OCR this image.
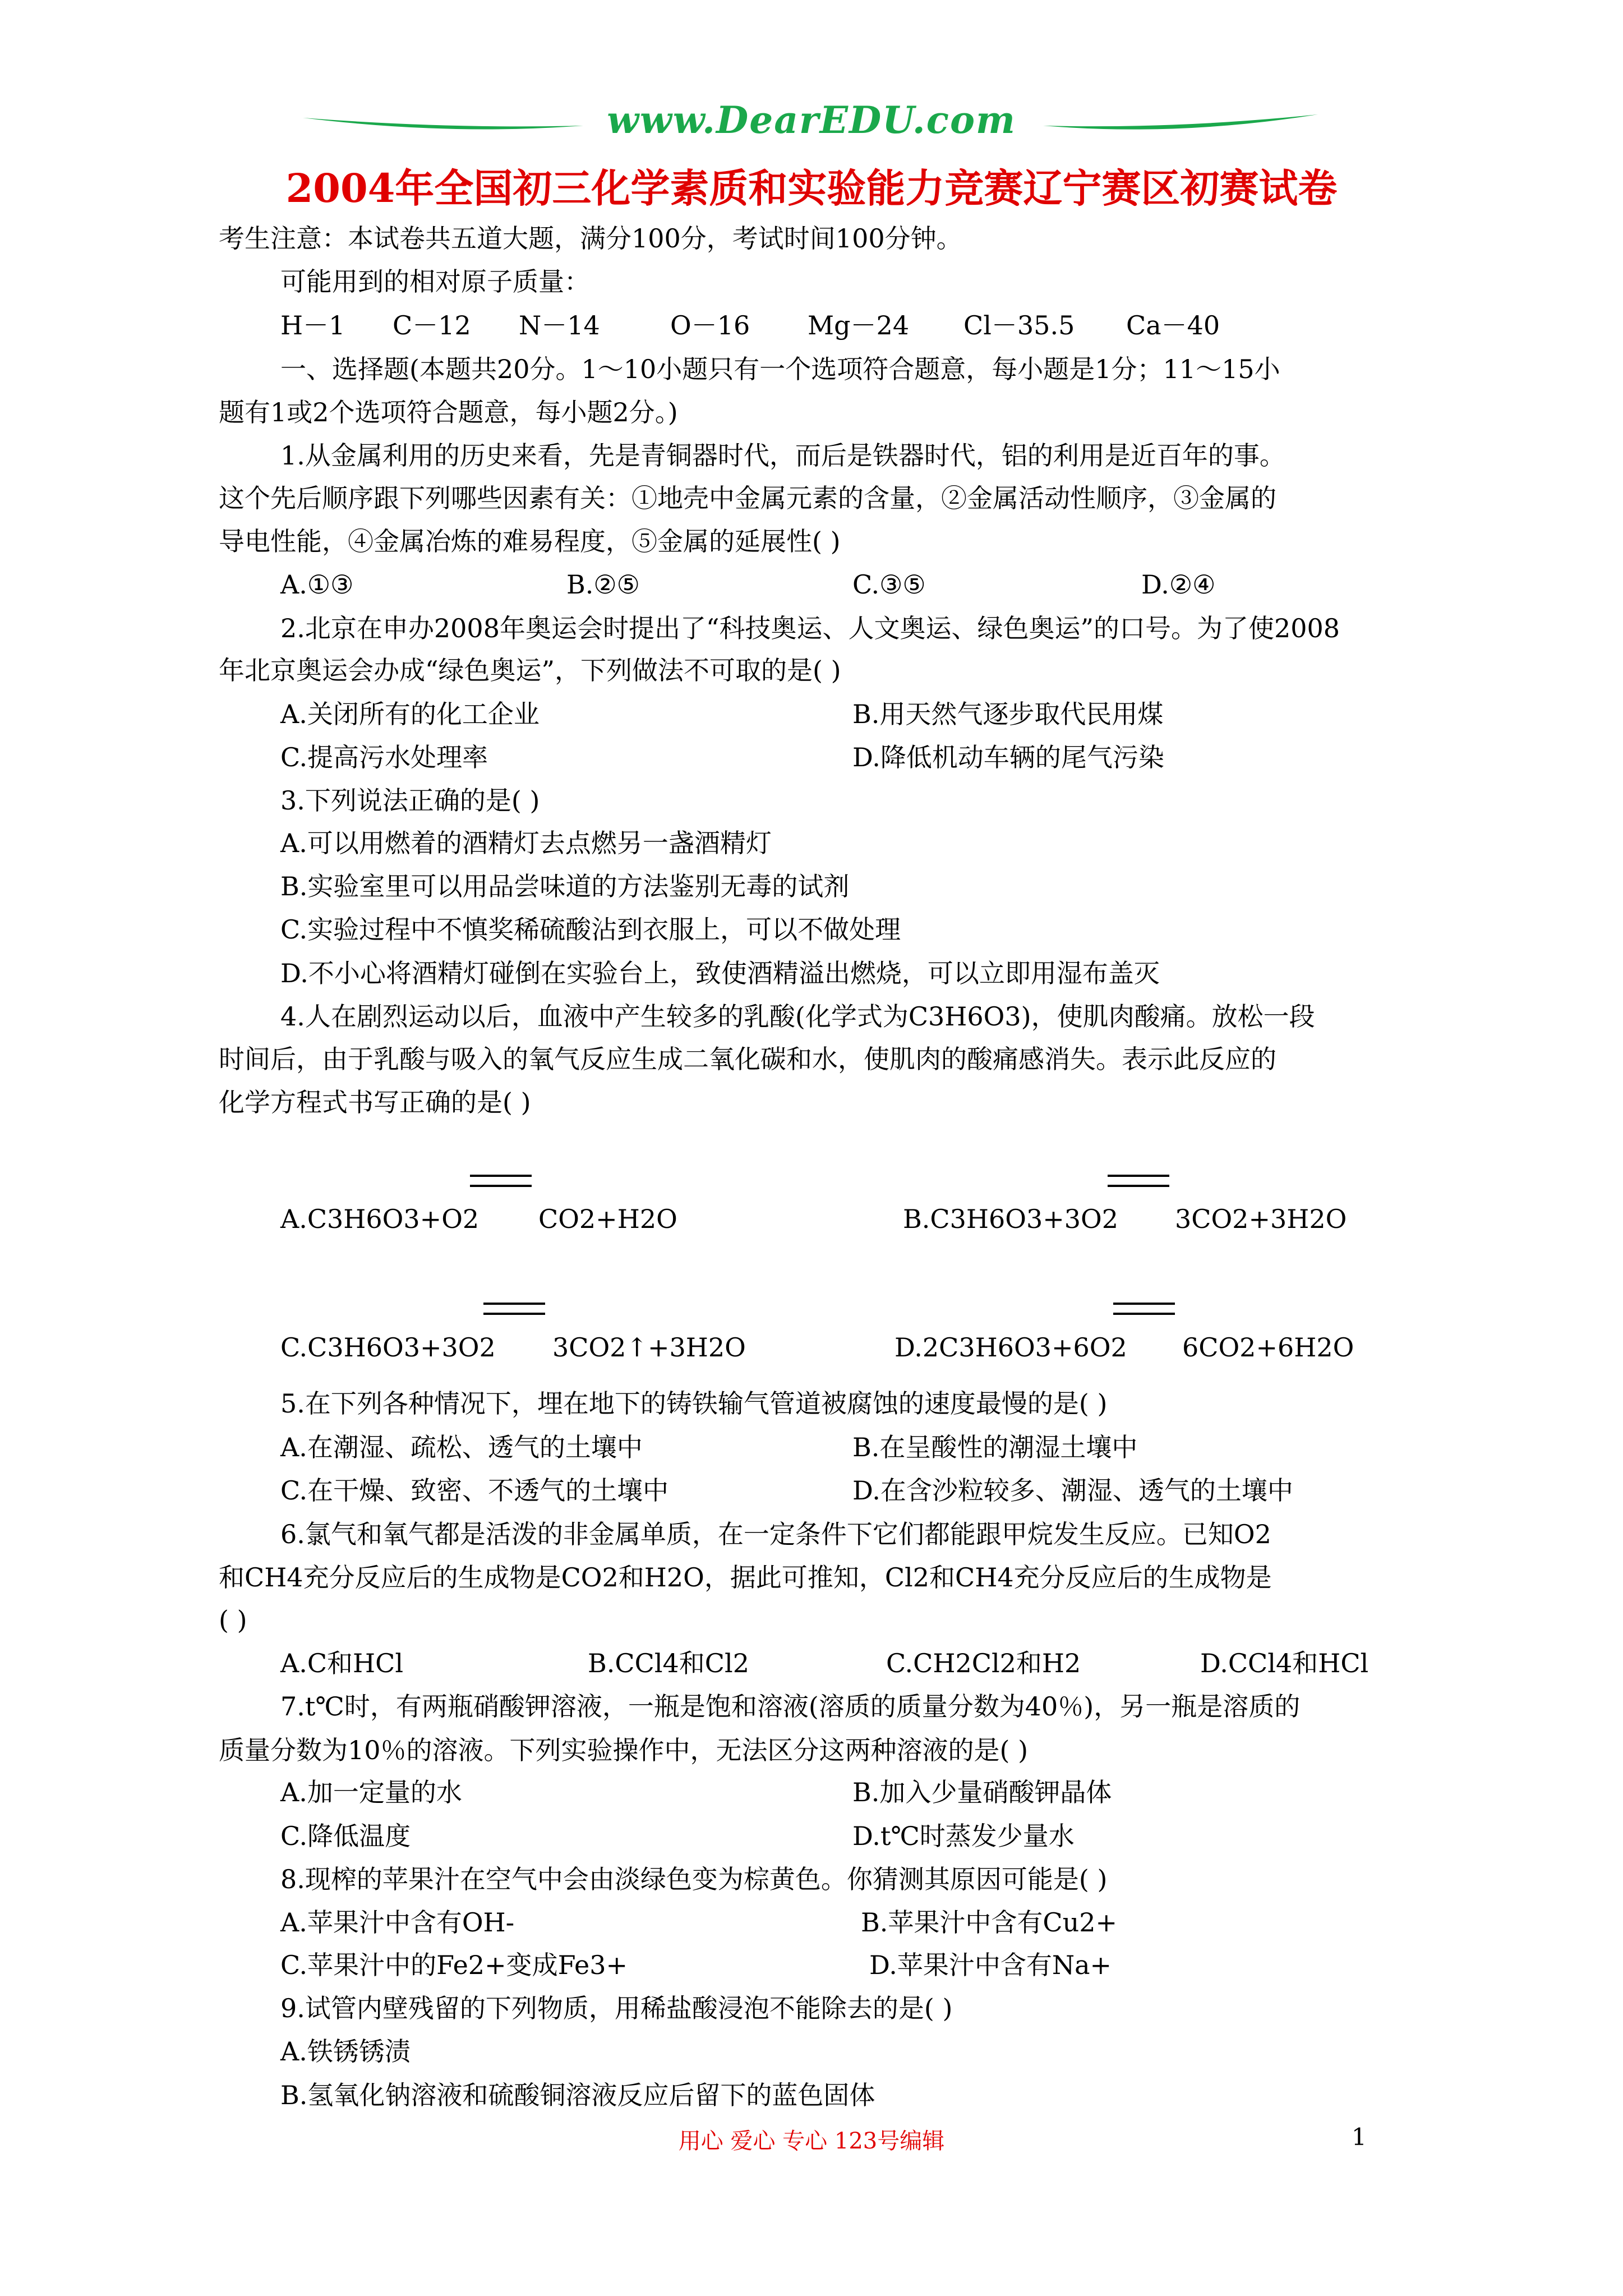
www.DearEDU.com
2004年全国初三化学素质和实验能力竞赛辽宁赛区初赛试卷
考生注意：本试卷共五道大题，满分100分，考试时间100分钟。
可能用到的相对原子质量：
H－1 C－12 N－14	O－16 Mg－24 Cl－35.5 Ca－40
一、选择题(本题共20分。1～10小题只有一个选项符合题意，每小题是1分；11～15小
题有1或2个选项符合题意，每小题2分。)
1.从金属利用的历史来看，先是青铜器时代，而后是铁器时代，铝的利用是近百年的事。
这个先后顺序跟下列哪些因素有关：①地壳中金属元素的含量，②金属活动性顺序，③金属的
导电性能，④金属冶炼的难易程度，⑤金属的延展性( )
A.①③	B.②⑤	C.③⑤	D.②④
2.北京在申办2008年奥运会时提出了“科技奥运、人文奥运、绿色奥运”的口号。为了使2008
年北京奥运会办成“绿色奥运”，下列做法不可取的是( )
A.关闭所有的化工企业	B.用天然气逐步取代民用煤
C.提高污水处理率	D.降低机动车辆的尾气污染
3.下列说法正确的是( )
A.可以用燃着的酒精灯去点燃另一盏酒精灯
B.实验室里可以用品尝味道的方法鉴别无毒的试剂
C.实验过程中不慎奖稀硫酸沾到衣服上，可以不做处理
D.不小心将酒精灯碰倒在实验台上，致使酒精溢出燃烧，可以立即用湿布盖灭
4.人在剧烈运动以后，血液中产生较多的乳酸(化学式为C3H6O3)，使肌肉酸痛。放松一段
时间后，由于乳酸与吸入的氧气反应生成二氧化碳和水，使肌肉的酸痛感消失。表示此反应的
化学方程式书写正确的是( )
A.C3H6O3+O2 CO2+H2O	B.C3H6O3+3O2 3CO2+3H2O
C.C3H6O3+3O2 3CO2↑+3H2O	D.2C3H6O3+6O2 6CO2+6H2O
5.在下列各种情况下，埋在地下的铸铁输气管道被腐蚀的速度最慢的是( )
A.在潮湿、疏松、透气的土壤中	B.在呈酸性的潮湿土壤中
C.在干燥、致密、不透气的土壤中	D.在含沙粒较多、潮湿、透气的土壤中
6.氯气和氧气都是活泼的非金属单质，在一定条件下它们都能跟甲烷发生反应。已知O2
和CH4充分反应后的生成物是CO2和H2O，据此可推知，Cl2和CH4充分反应后的生成物是
( )
A.C和HCl	B.CCl4和Cl2	C.CH2Cl2和H2	D.CCl4和HCl
7.t℃时，有两瓶硝酸钾溶液，一瓶是饱和溶液(溶质的质量分数为40％)，另一瓶是溶质的
质量分数为10％的溶液。下列实验操作中，无法区分这两种溶液的是( )
A.加一定量的水	B.加入少量硝酸钾晶体
C.降低温度	D.t℃时蒸发少量水
8.现榨的苹果汁在空气中会由淡绿色变为棕黄色。你猜测其原因可能是( )
A.苹果汁中含有OH-	B.苹果汁中含有Cu2+
C.苹果汁中的Fe2+变成Fe3+	D.苹果汁中含有Na+
9.试管内壁残留的下列物质，用稀盐酸浸泡不能除去的是( )
A.铁锈锈渍
B.氢氧化钠溶液和硫酸铜溶液反应后留下的蓝色固体
用心 爱心 专心 123号编辑	1
